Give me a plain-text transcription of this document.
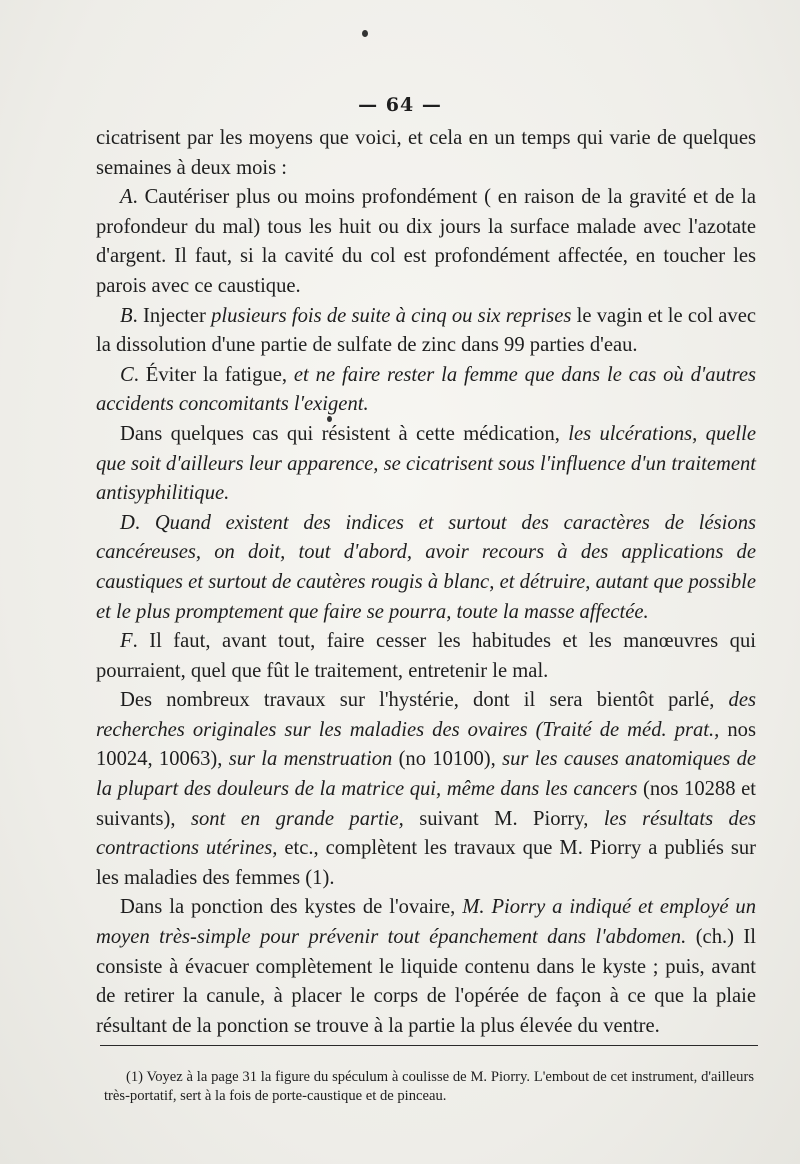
— 64 —

cicatrisent par les moyens que voici, et cela en un temps qui varie de quelques semaines à deux mois :

A. Cautériser plus ou moins profondément ( en raison de la gravité et de la profondeur du mal) tous les huit ou dix jours la surface malade avec l'azotate d'argent. Il faut, si la cavité du col est profondément affectée, en toucher les parois avec ce caustique.

B. Injecter plusieurs fois de suite à cinq ou six reprises le vagin et le col avec la dissolution d'une partie de sulfate de zinc dans 99 parties d'eau.

C. Éviter la fatigue, et ne faire rester la femme que dans le cas où d'autres accidents concomitants l'exigent.

Dans quelques cas qui résistent à cette médication, les ulcérations, quelle que soit d'ailleurs leur apparence, se cicatrisent sous l'influence d'un traitement antisyphilitique.

D. Quand existent des indices et surtout des caractères de lésions cancéreuses, on doit, tout d'abord, avoir recours à des applications de caustiques et surtout de cautères rougis à blanc, et détruire, autant que possible et le plus promptement que faire se pourra, toute la masse affectée.

F. Il faut, avant tout, faire cesser les habitudes et les manœuvres qui pourraient, quel que fût le traitement, entretenir le mal.

Des nombreux travaux sur l'hystérie, dont il sera bientôt parlé, des recherches originales sur les maladies des ovaires (Traité de méd. prat., nos 10024, 10063), sur la menstruation (no 10100), sur les causes anatomiques de la plupart des douleurs de la matrice qui, même dans les cancers (nos 10288 et suivants), sont en grande partie, suivant M. Piorry, les résultats des contractions utérines, etc., complètent les travaux que M. Piorry a publiés sur les maladies des femmes (1).

Dans la ponction des kystes de l'ovaire, M. Piorry a indiqué et employé un moyen très-simple pour prévenir tout épanchement dans l'abdomen. (ch.) Il consiste à évacuer complètement le liquide contenu dans le kyste ; puis, avant de retirer la canule, à placer le corps de l'opérée de façon à ce que la plaie résultant de la ponction se trouve à la partie la plus élevée du ventre.

(1) Voyez à la page 31 la figure du spéculum à coulisse de M. Piorry. L'embout de cet instrument, d'ailleurs très-portatif, sert à la fois de porte-caustique et de pinceau.
